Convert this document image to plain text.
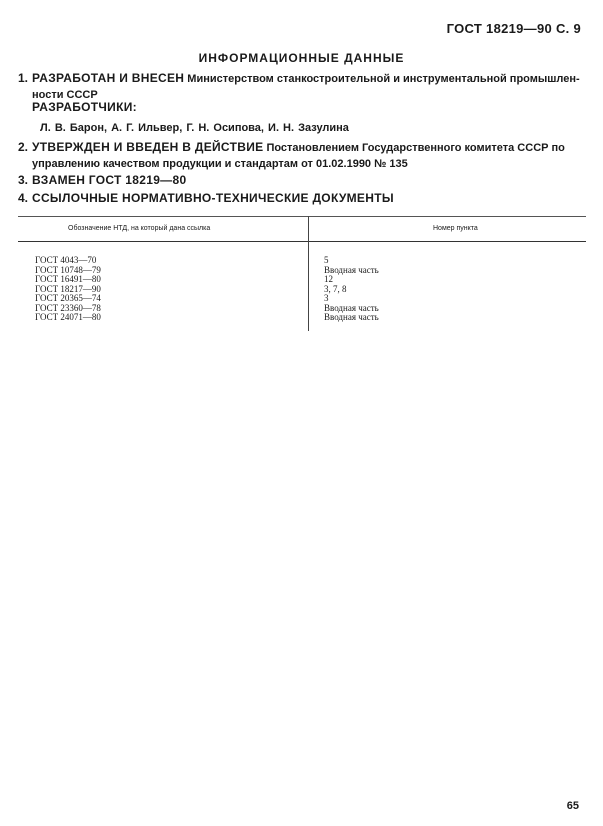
ГОСТ 18219—90 С. 9
ИНФОРМАЦИОННЫЕ ДАННЫЕ
1. РАЗРАБОТАН И ВНЕСЕН Министерством станкостроительной и инструментальной промышлен-
ности СССР
РАЗРАБОТЧИКИ:
Л. В. Барон, А. Г. Ильвер, Г. Н. Осипова, И. Н. Зазулина
2. УТВЕРЖДЕН И ВВЕДЕН В ДЕЙСТВИЕ Постановлением Государственного комитета СССР по
управлению качеством продукции и стандартам от 01.02.1990 № 135
3. ВЗАМЕН ГОСТ 18219—80
4. ССЫЛОЧНЫЕ НОРМАТИВНО-ТЕХНИЧЕСКИЕ ДОКУМЕНТЫ
Обозначение НТД, на который дана ссылка	Номер пункта
ГОСТ 4043—70	5
ГОСТ 10748—79	Вводная часть
ГОСТ 16491—80	12
ГОСТ 18217—90	3, 7, 8
ГОСТ 20365—74	3
ГОСТ 23360—78	Вводная часть
ГОСТ 24071—80	Вводная часть
65
